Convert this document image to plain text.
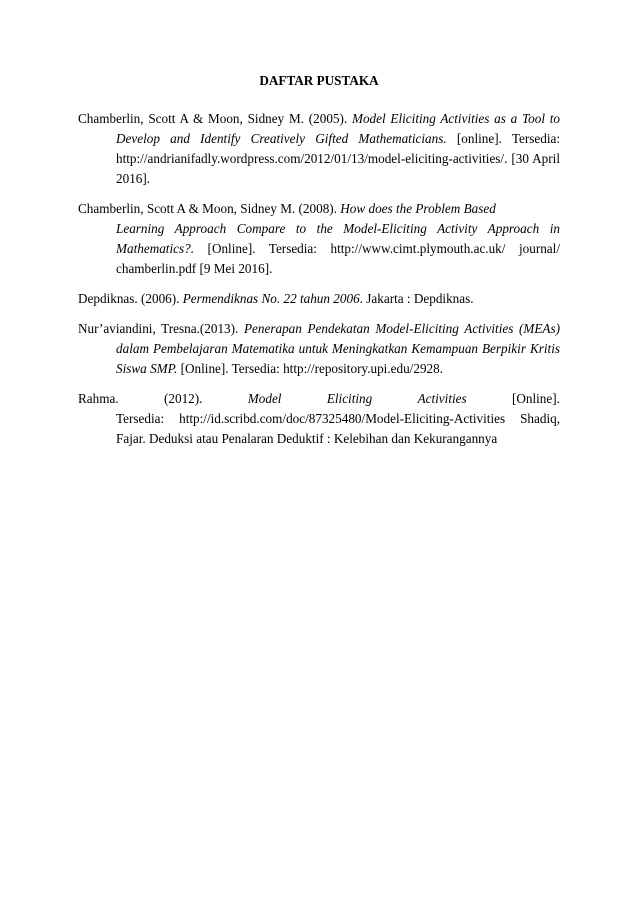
DAFTAR PUSTAKA

Chamberlin, Scott A & Moon, Sidney M. (2005). Model Eliciting Activities as a Tool to Develop and Identify Creatively Gifted Mathematicians. [online]. Tersedia: http://andrianifadly.wordpress.com/2012/01/13/model-eliciting-activities/. [30 April 2016].

Chamberlin, Scott A & Moon, Sidney M. (2008). How does the Problem Based
Learning Approach Compare to the Model-Eliciting Activity Approach in Mathematics?. [Online]. Tersedia: http://www.cimt.plymouth.ac.uk/ journal/ chamberlin.pdf [9 Mei 2016].

Depdiknas. (2006). Permendiknas No. 22 tahun 2006. Jakarta : Depdiknas.

Nur’aviandini, Tresna.(2013). Penerapan Pendekatan Model-Eliciting Activities (MEAs) dalam Pembelajaran Matematika untuk Meningkatkan Kemampuan Berpikir Kritis Siswa SMP. [Online]. Tersedia: http://repository.upi.edu/2928.

Rahma.	(2012).	Model	Eliciting	Activities	[Online].
Tersedia: http://id.scribd.com/doc/87325480/Model-Eliciting-Activities Shadiq, Fajar. Deduksi atau Penalaran Deduktif : Kelebihan dan Kekurangannya
